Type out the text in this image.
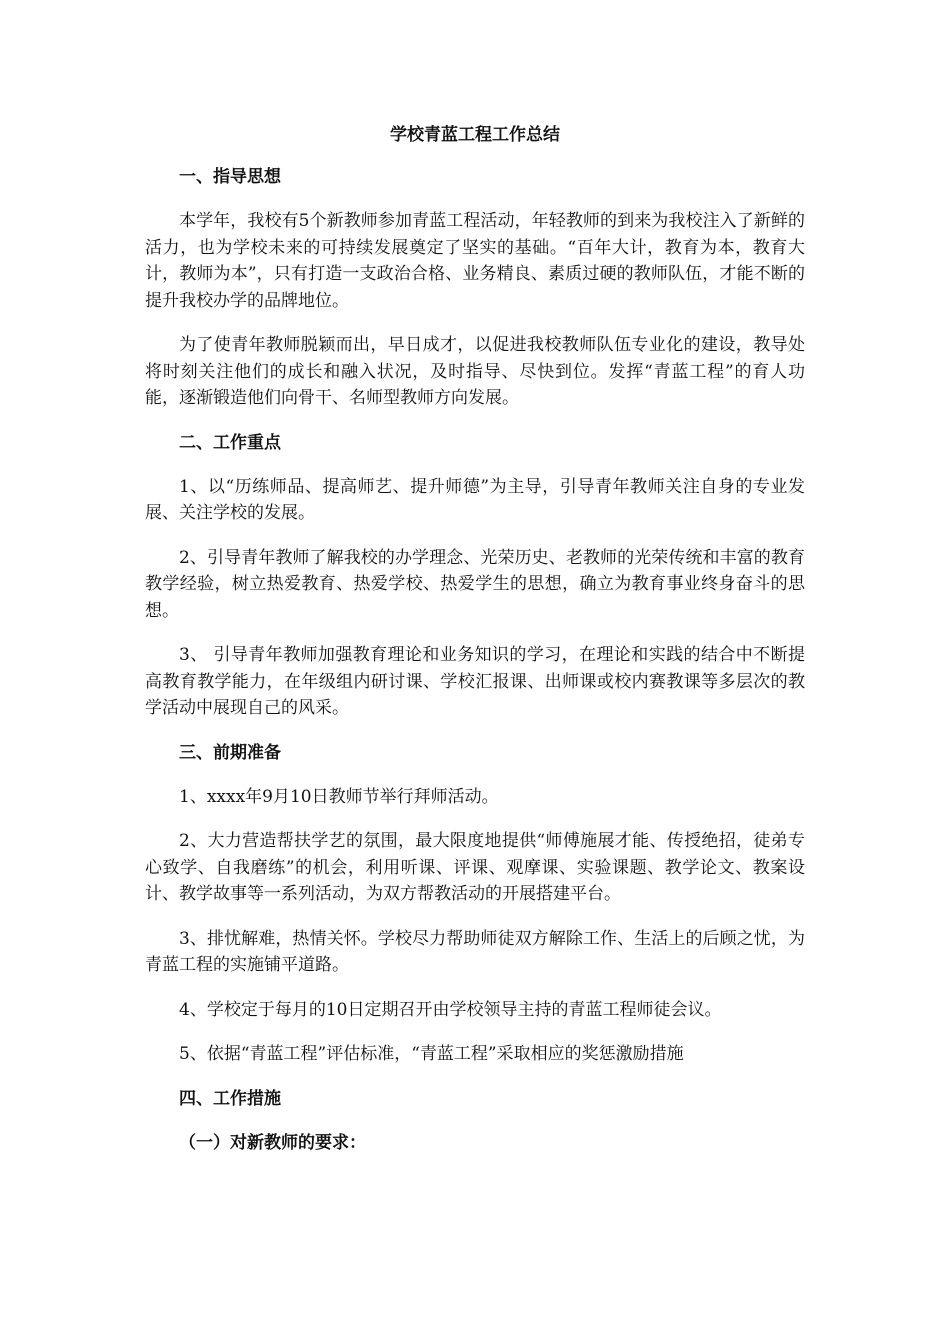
学校青蓝工程工作总结
一、指导思想

本学年，我校有5个新教师参加青蓝工程活动，年轻教师的到来为我校注入了新鲜的活力，也为学校未来的可持续发展奠定了坚实的基础。“百年大计，教育为本，教育大计，教师为本”，只有打造一支政治合格、业务精良、素质过硬的教师队伍，才能不断的提升我校办学的品牌地位。

为了使青年教师脱颖而出，早日成才，以促进我校教师队伍专业化的建设，教导处将时刻关注他们的成长和融入状况，及时指导、尽快到位。发挥“青蓝工程”的育人功能，逐渐锻造他们向骨干、名师型教师方向发展。

二、工作重点

1、以“历练师品、提高师艺、提升师德”为主导，引导青年教师关注自身的专业发展、关注学校的发展。

2、引导青年教师了解我校的办学理念、光荣历史、老教师的光荣传统和丰富的教育教学经验，树立热爱教育、热爱学校、热爱学生的思想，确立为教育事业终身奋斗的思想。

3、 引导青年教师加强教育理论和业务知识的学习，在理论和实践的结合中不断提高教育教学能力，在年级组内研讨课、学校汇报课、出师课或校内赛教课等多层次的教学活动中展现自己的风采。

三、前期准备

1、xxxx年9月10日教师节举行拜师活动。

2、大力营造帮扶学艺的氛围，最大限度地提供“师傅施展才能、传授绝招，徒弟专心致学、自我磨练”的机会，利用听课、评课、观摩课、实验课题、教学论文、教案设计、教学故事等一系列活动，为双方帮教活动的开展搭建平台。

3、排忧解难，热情关怀。学校尽力帮助师徒双方解除工作、生活上的后顾之忧，为青蓝工程的实施铺平道路。

4、学校定于每月的10日定期召开由学校领导主持的青蓝工程师徒会议。

5、依据“青蓝工程”评估标准，“青蓝工程”采取相应的奖惩激励措施

四、工作措施
（一）对新教师的要求：
